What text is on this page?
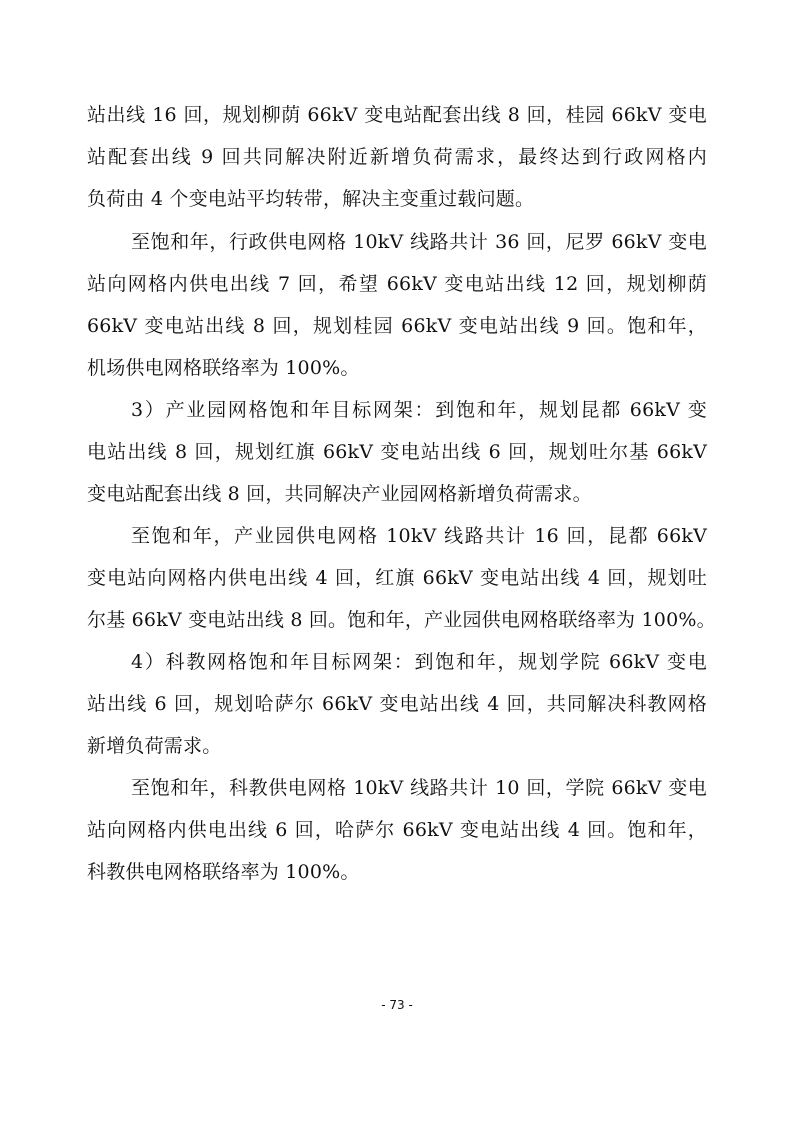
站出线 16 回，规划柳荫 66kV 变电站配套出线 8 回，桂园 66kV 变电
站配套出线 9 回共同解决附近新增负荷需求，最终达到行政网格内
负荷由 4 个变电站平均转带，解决主变重过载问题。
至饱和年，行政供电网格 10kV 线路共计 36 回，尼罗 66kV 变电
站向网格内供电出线 7 回，希望 66kV 变电站出线 12 回，规划柳荫
66kV 变电站出线 8 回，规划桂园 66kV 变电站出线 9 回。饱和年，
机场供电网格联络率为 100%。
3）产业园网格饱和年目标网架：到饱和年，规划昆都 66kV 变
电站出线 8 回，规划红旗 66kV 变电站出线 6 回，规划吐尔基 66kV
变电站配套出线 8 回，共同解决产业园网格新增负荷需求。
至饱和年，产业园供电网格 10kV 线路共计 16 回，昆都 66kV
变电站向网格内供电出线 4 回，红旗 66kV 变电站出线 4 回，规划吐
尔基 66kV 变电站出线 8 回。饱和年，产业园供电网格联络率为 100%。
4）科教网格饱和年目标网架：到饱和年，规划学院 66kV 变电
站出线 6 回，规划哈萨尔 66kV 变电站出线 4 回，共同解决科教网格
新增负荷需求。
至饱和年，科教供电网格 10kV 线路共计 10 回，学院 66kV 变电
站向网格内供电出线 6 回，哈萨尔 66kV 变电站出线 4 回。饱和年，
科教供电网格联络率为 100%。
- 73 -
